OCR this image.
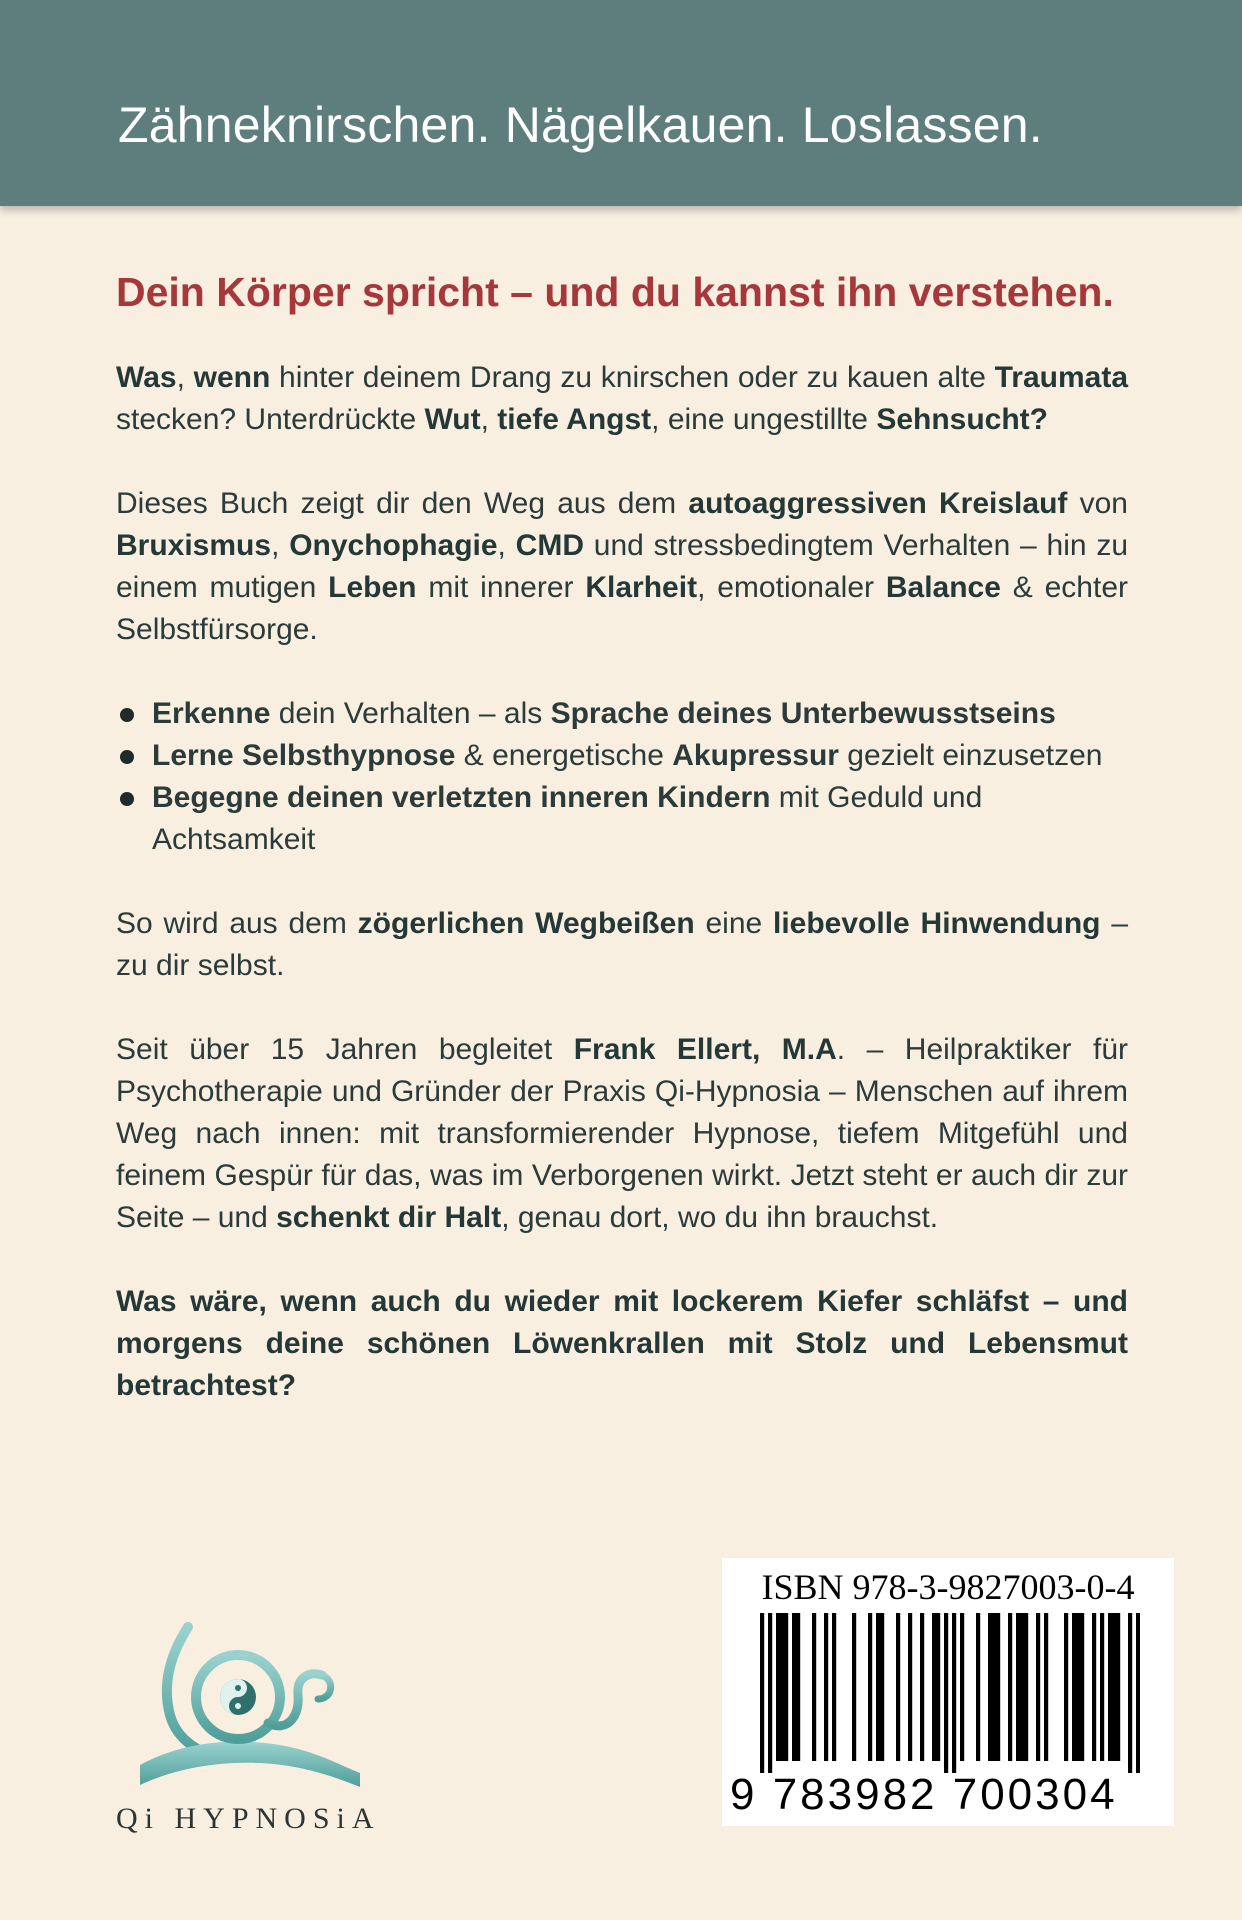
Zähneknirschen. Nägelkauen. Loslassen.
Dein Körper spricht – und du kannst ihn verstehen.

Was, wenn hinter deinem Drang zu knirschen oder zu kauen alte Traumata stecken? Unterdrückte Wut, tiefe Angst, eine ungestillte Sehnsucht?

Dieses Buch zeigt dir den Weg aus dem autoaggressiven Kreislauf von Bruxismus, Onychophagie, CMD und stressbedingtem Verhalten – hin zu einem mutigen Leben mit innerer Klarheit, emotionaler Balance & echter Selbstfürsorge.

Erkenne dein Verhalten – als Sprache deines Unterbewusstseins
Lerne Selbsthypnose & energetische Akupressur gezielt einzusetzen
Begegne deinen verletzten inneren Kindern mit Geduld und Achtsamkeit

So wird aus dem zögerlichen Wegbeißen eine liebevolle Hinwendung – zu dir selbst.

Seit über 15 Jahren begleitet Frank Ellert, M.A. – Heilpraktiker für Psychotherapie und Gründer der Praxis Qi-Hypnosia – Menschen auf ihrem Weg nach innen: mit transformierender Hypnose, tiefem Mitgefühl und feinem Gespür für das, was im Verborgenen wirkt. Jetzt steht er auch dir zur Seite – und schenkt dir Halt, genau dort, wo du ihn brauchst.

Was wäre, wenn auch du wieder mit lockerem Kiefer schläfst – und morgens deine schönen Löwenkrallen mit Stolz und Lebensmut betrachtest?

Qi HYPNOSiA
ISBN 978-3-9827003-0-4
9 783982 700304
